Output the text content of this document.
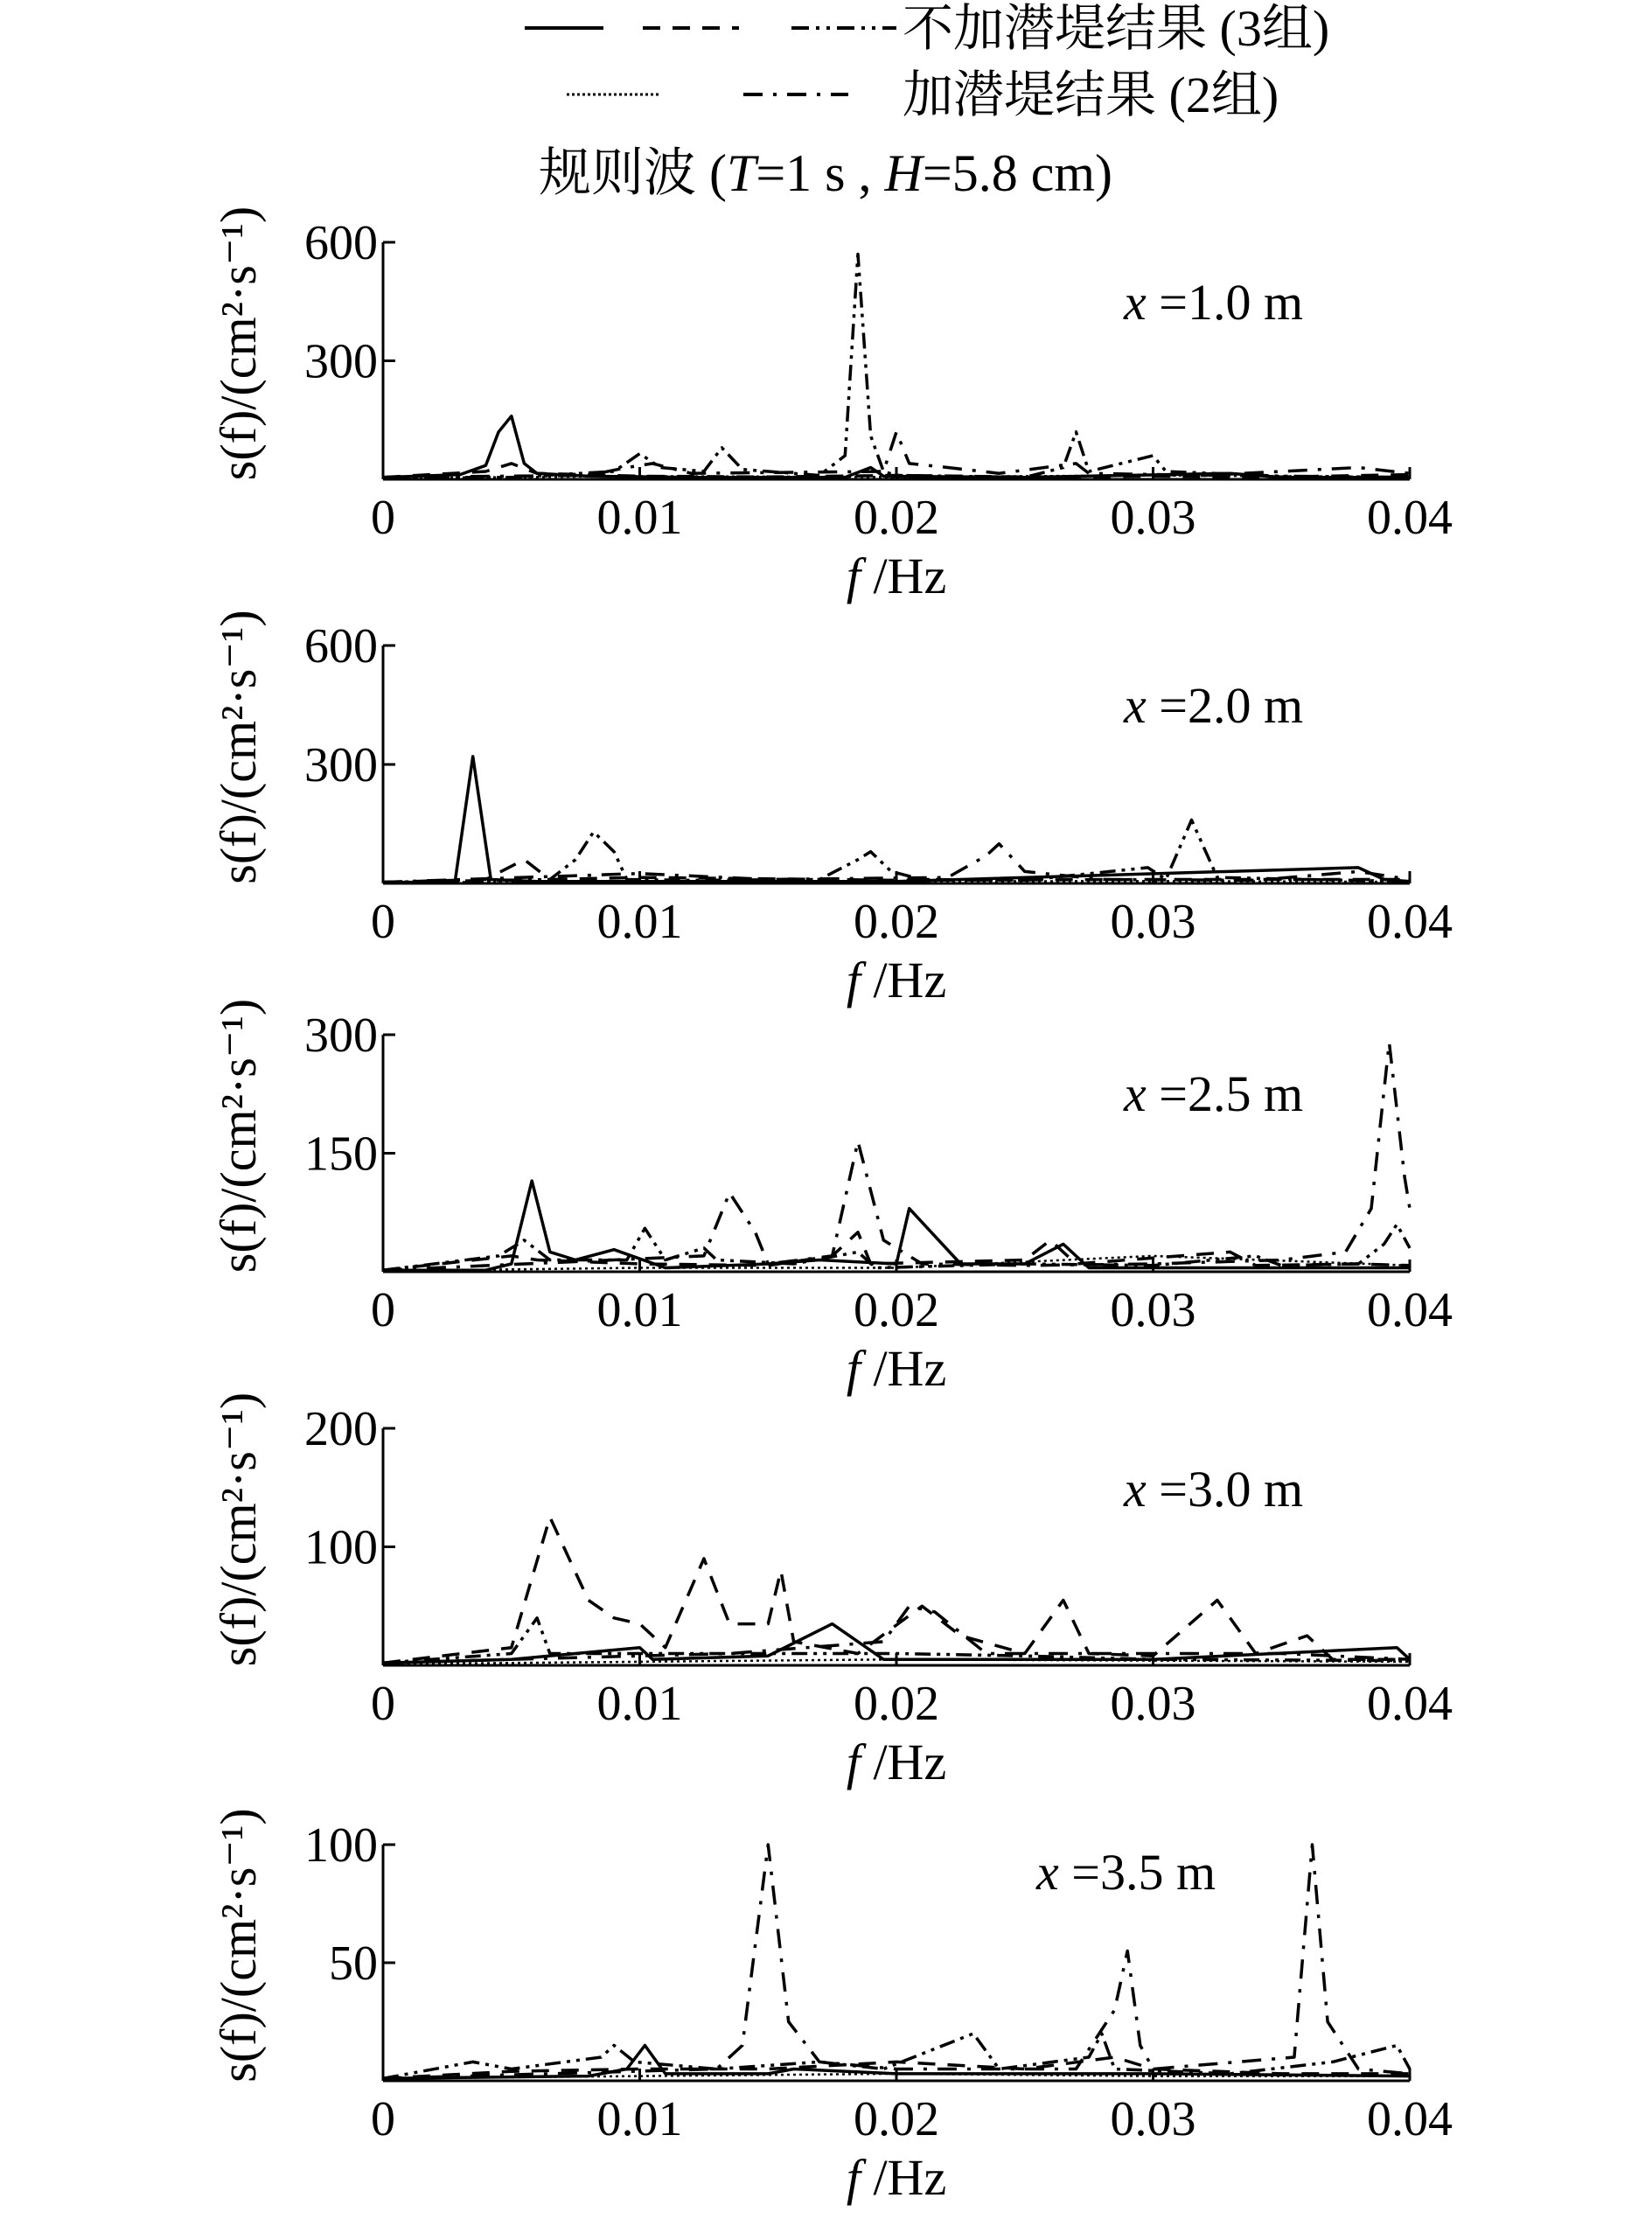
不加潜堤结果 (3组)
加潜堤结果 (2组)
规则波 (T=1 s , H=5.8 cm)
0	0.01	0.02	0.03	0.04
600
300
x =1.0 m
f /Hz
s(f)/(cm²·s⁻¹)
0	0.01	0.02	0.03	0.04
600
300
x =2.0 m
f /Hz
s(f)/(cm²·s⁻¹)
0	0.01	0.02	0.03	0.04
300
150
x =2.5 m
f /Hz
s(f)/(cm²·s⁻¹)
0	0.01	0.02	0.03	0.04
200
100
x =3.0 m
f /Hz
s(f)/(cm²·s⁻¹)
0	0.01	0.02	0.03	0.04
100
50
x =3.5 m
f /Hz
s(f)/(cm²·s⁻¹)
